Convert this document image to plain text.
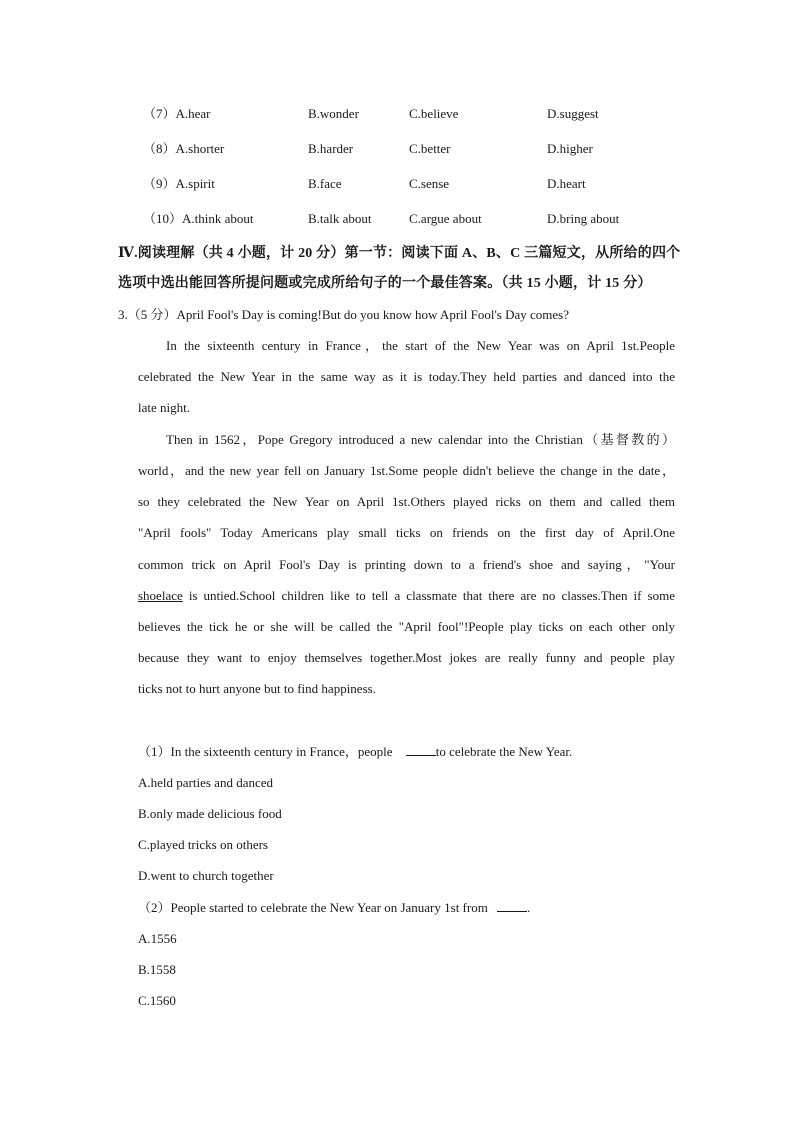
（7）A.hear	B.wonder	C.believe	D.suggest
（8）A.shorter	B.harder	C.better	D.higher
（9）A.spirit	B.face	C.sense	D.heart
（10）A.think about	B.talk about	C.argue about	D.bring about
Ⅳ.阅读理解（共 4 小题，计 20 分）第一节：阅读下面 A、B、C 三篇短文，从所给的四个
选项中选出能回答所提问题或完成所给句子的一个最佳答案。（共 15 小题，计 15 分）
3.（5 分）April Fool's Day is coming!But do you know how April Fool's Day comes?
In the sixteenth century in France，the start of the New Year was on April 1st.People
celebrated the New Year in the same way as it is today.They held parties and danced into the
late night.
Then in 1562，Pope Gregory introduced a new calendar into the Christian（基督教的）
world，and the new year fell on January 1st.Some people didn't believe the change in the date，
so they celebrated the New Year on April 1st.Others played ricks on them and called them
"April fools" Today Americans play small ticks on friends on the first day of April.One
common trick on April Fool's Day is printing down to a friend's shoe and saying，"Your
shoelace is untied.School children like to tell a classmate that there are no classes.Then if some
believes the tick he or she will be called the "April fool"!People play ticks on each other only
because they want to enjoy themselves together.Most jokes are really funny and people play
ticks not to hurt anyone but to find happiness.
（1）In the sixteenth century in France，people	to celebrate the New Year.
A.held parties and danced
B.only made delicious food
C.played tricks on others
D.went to church together
（2）People started to celebrate the New Year on January 1st from	.
A.1556
B.1558
C.1560
